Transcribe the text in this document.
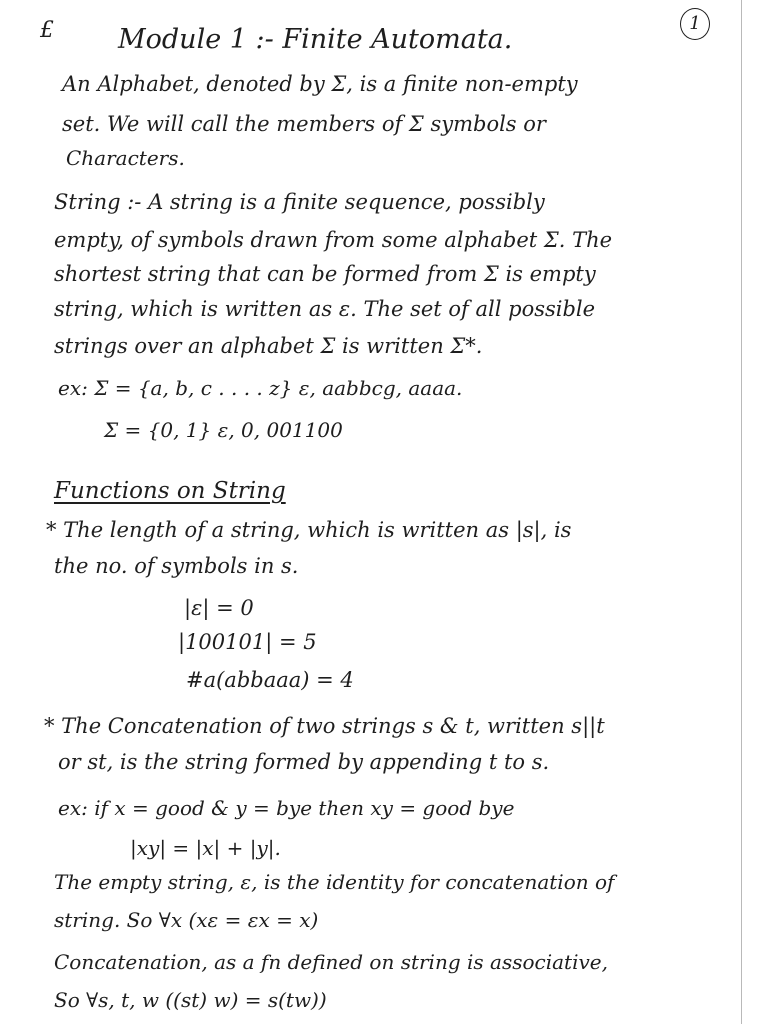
£ Module 1 :- Finite Automata.
1
An Alphabet, denoted by Σ, is a finite non-empty
set. We will call the members of Σ symbols or
Characters.
String :- A string is a finite sequence, possibly
empty, of symbols drawn from some alphabet Σ. The
shortest string that can be formed from Σ is empty
string, which is written as ε. The set of all possible
strings over an alphabet Σ is written Σ*.
ex: Σ = {a, b, c . . . . z} ε, aabbcg, aaaa.
Σ = {0, 1} ε, 0, 001100
Functions on String
* The length of a string, which is written as |s|, is
the no. of symbols in s.
|ε| = 0
|100101| = 5
#a(abbaaa) = 4
* The Concatenation of two strings s & t, written s||t
or st, is the string formed by appending t to s.
ex: if x = good & y = bye then xy = good bye
|xy| = |x| + |y|.
The empty string, ε, is the identity for concatenation of
string. So ∀x (xε = εx = x)
Concatenation, as a fn defined on string is associative,
So ∀s, t, w ((st) w) = s(tw))
